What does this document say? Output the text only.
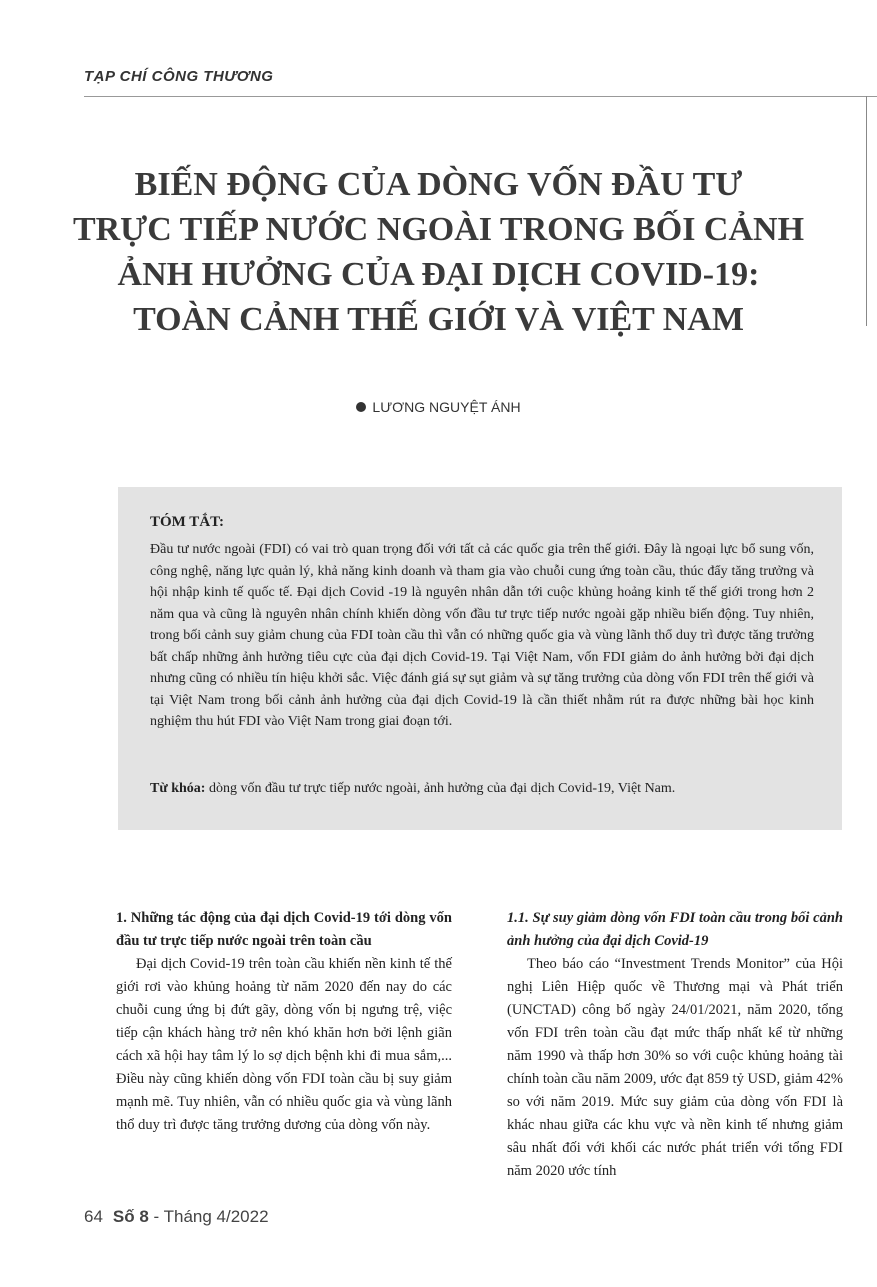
TẠP CHÍ CÔNG THƯƠNG
BIẾN ĐỘNG CỦA DÒNG VỐN ĐẦU TƯ
TRỰC TIẾP NƯỚC NGOÀI TRONG BỐI CẢNH
ẢNH HƯỞNG CỦA ĐẠI DỊCH COVID-19:
TOÀN CẢNH THẾ GIỚI VÀ VIỆT NAM
LƯƠNG NGUYỆT ÁNH
TÓM TẮT:
Đầu tư nước ngoài (FDI) có vai trò quan trọng đối với tất cả các quốc gia trên thế giới. Đây là ngoại lực bổ sung vốn, công nghệ, năng lực quản lý, khả năng kinh doanh và tham gia vào chuỗi cung ứng toàn cầu, thúc đẩy tăng trưởng và hội nhập kinh tế quốc tế. Đại dịch Covid -19 là nguyên nhân dẫn tới cuộc khủng hoảng kinh tế thế giới trong hơn 2 năm qua và cũng là nguyên nhân chính khiến dòng vốn đầu tư trực tiếp nước ngoài gặp nhiều biến động. Tuy nhiên, trong bối cảnh suy giảm chung của FDI toàn cầu thì vẫn có những quốc gia và vùng lãnh thổ duy trì được tăng trưởng bất chấp những ảnh hưởng tiêu cực của đại dịch Covid-19. Tại Việt Nam, vốn FDI giảm do ảnh hưởng bởi đại dịch nhưng cũng có nhiều tín hiệu khởi sắc. Việc đánh giá sự sụt giảm và sự tăng trưởng của dòng vốn FDI trên thế giới và tại Việt Nam trong bối cảnh ảnh hưởng của đại dịch Covid-19 là cần thiết nhằm rút ra được những bài học kinh nghiệm thu hút FDI vào Việt Nam trong giai đoạn tới.
Từ khóa: dòng vốn đầu tư trực tiếp nước ngoài, ảnh hưởng của đại dịch Covid-19, Việt Nam.

1. Những tác động của đại dịch Covid-19 tới dòng vốn đầu tư trực tiếp nước ngoài trên toàn cầu

Đại dịch Covid-19 trên toàn cầu khiến nền kinh tế thế giới rơi vào khủng hoảng từ năm 2020 đến nay do các chuỗi cung ứng bị đứt gãy, dòng vốn bị ngưng trệ, việc tiếp cận khách hàng trở nên khó khăn hơn bởi lệnh giãn cách xã hội hay tâm lý lo sợ dịch bệnh khi đi mua sắm,... Điều này cũng khiến dòng vốn FDI toàn cầu bị suy giảm mạnh mẽ. Tuy nhiên, vẫn có nhiều quốc gia và vùng lãnh thổ duy trì được tăng trưởng dương của dòng vốn này.

1.1. Sự suy giảm dòng vốn FDI toàn cầu trong bối cảnh ảnh hưởng của đại dịch Covid-19

Theo báo cáo “Investment Trends Monitor” của Hội nghị Liên Hiệp quốc về Thương mại và Phát triển (UNCTAD) công bố ngày 24/01/2021, năm 2020, tổng vốn FDI trên toàn cầu đạt mức thấp nhất kể từ những năm 1990 và thấp hơn 30% so với cuộc khủng hoảng tài chính toàn cầu năm 2009, ước đạt 859 tỷ USD, giảm 42% so với năm 2019. Mức suy giảm của dòng vốn FDI là khác nhau giữa các khu vực và nền kinh tế nhưng giảm sâu nhất đối với khối các nước phát triển với tổng FDI năm 2020 ước tính

64 Số 8 - Tháng 4/2022
